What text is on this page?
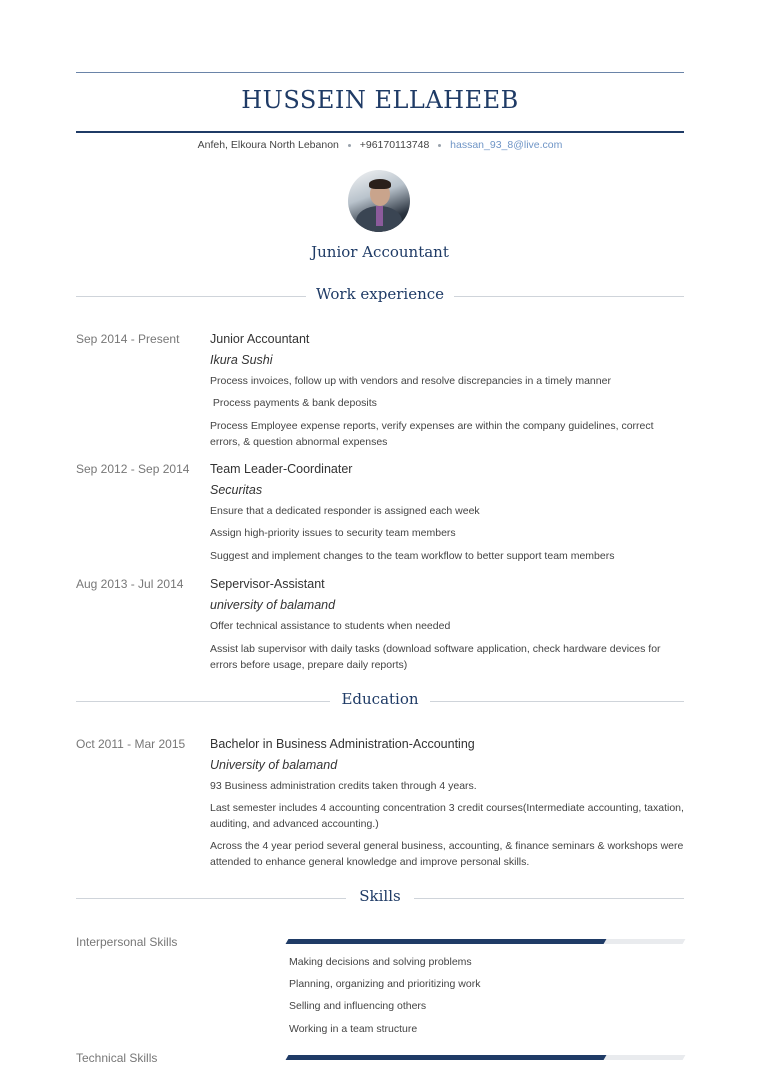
HUSSEIN ELLAHEEB
Anfeh, Elkoura North Lebanon +96170113748 hassan_93_8@live.com
Junior Accountant
Work experience
Sep 2014 - Present Junior Accountant
Ikura Sushi
Process invoices, follow up with vendors and resolve discrepancies in a timely manner
Process payments & bank deposits
Process Employee expense reports, verify expenses are within the company guidelines, correct errors, & question abnormal expenses
Sep 2012 - Sep 2014 Team Leader-Coordinater
Securitas
Ensure that a dedicated responder is assigned each week
Assign high-priority issues to security team members
Suggest and implement changes to the team workflow to better support team members
Aug 2013 - Jul 2014 Sepervisor-Assistant
university of balamand
Offer technical assistance to students when needed
Assist lab supervisor with daily tasks (download software application, check hardware devices for errors before usage, prepare daily reports)
Education
Oct 2011 - Mar 2015 Bachelor in Business Administration-Accounting
University of balamand
93 Business administration credits taken through 4 years.
Last semester includes 4 accounting concentration 3 credit courses(Intermediate accounting, taxation, auditing, and advanced accounting.)
Across the 4 year period several general business, accounting, & finance seminars & workshops were attended to enhance general knowledge and improve personal skills.
Skills
Interpersonal Skills
Making decisions and solving problems
Planning, organizing and prioritizing work
Selling and influencing others
Working in a team structure
Technical Skills
